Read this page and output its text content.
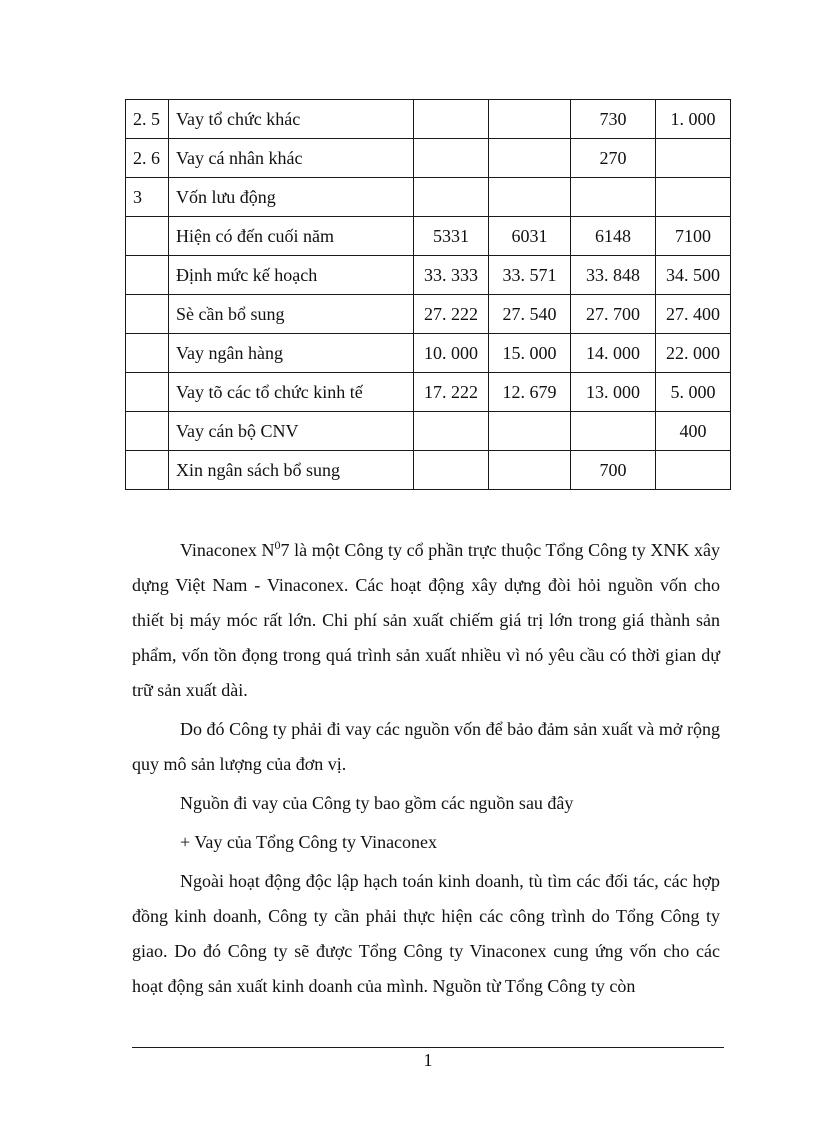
2. 5	Vay tổ chức khác			730	1. 000
2. 6	Vay cá nhân khác			270	
3	Vốn lưu động				
	Hiện có đến cuối năm	5331	6031	6148	7100
	Định mức kế hoạch	33. 333	33. 571	33. 848	34. 500
	Sè cần bổ sung	27. 222	27. 540	27. 700	27. 400
	Vay ngân hàng	10. 000	15. 000	14. 000	22. 000
	Vay tõ các tổ chức kinh tế	17. 222	12. 679	13. 000	5. 000
	Vay cán bộ CNV				400
	Xin ngân sách bổ sung			700	

Vinaconex $N^07$ là một Công ty cổ phần trực thuộc Tổng Công ty XNK xây dựng Việt Nam - Vinaconex. Các hoạt động xây dựng đòi hỏi nguồn vốn cho thiết bị máy móc rất lớn. Chi phí sản xuất chiếm giá trị lớn trong giá thành sản phẩm, vốn tồn đọng trong quá trình sản xuất nhiều vì nó yêu cầu có thời gian dự trữ sản xuất dài.

Do đó Công ty phải đi vay các nguồn vốn để bảo đảm sản xuất và mở rộng quy mô sản lượng của đơn vị.

Nguồn đi vay của Công ty bao gồm các nguồn sau đây

+ Vay của Tổng Công ty Vinaconex

Ngoài hoạt động độc lập hạch toán kinh doanh, tù tìm các đối tác, các hợp đồng kinh doanh, Công ty cần phải thực hiện các công trình do Tổng Công ty giao. Do đó Công ty sẽ được Tổng Công ty Vinaconex cung ứng vốn cho các hoạt động sản xuất kinh doanh của mình. Nguồn từ Tổng Công ty còn

1
